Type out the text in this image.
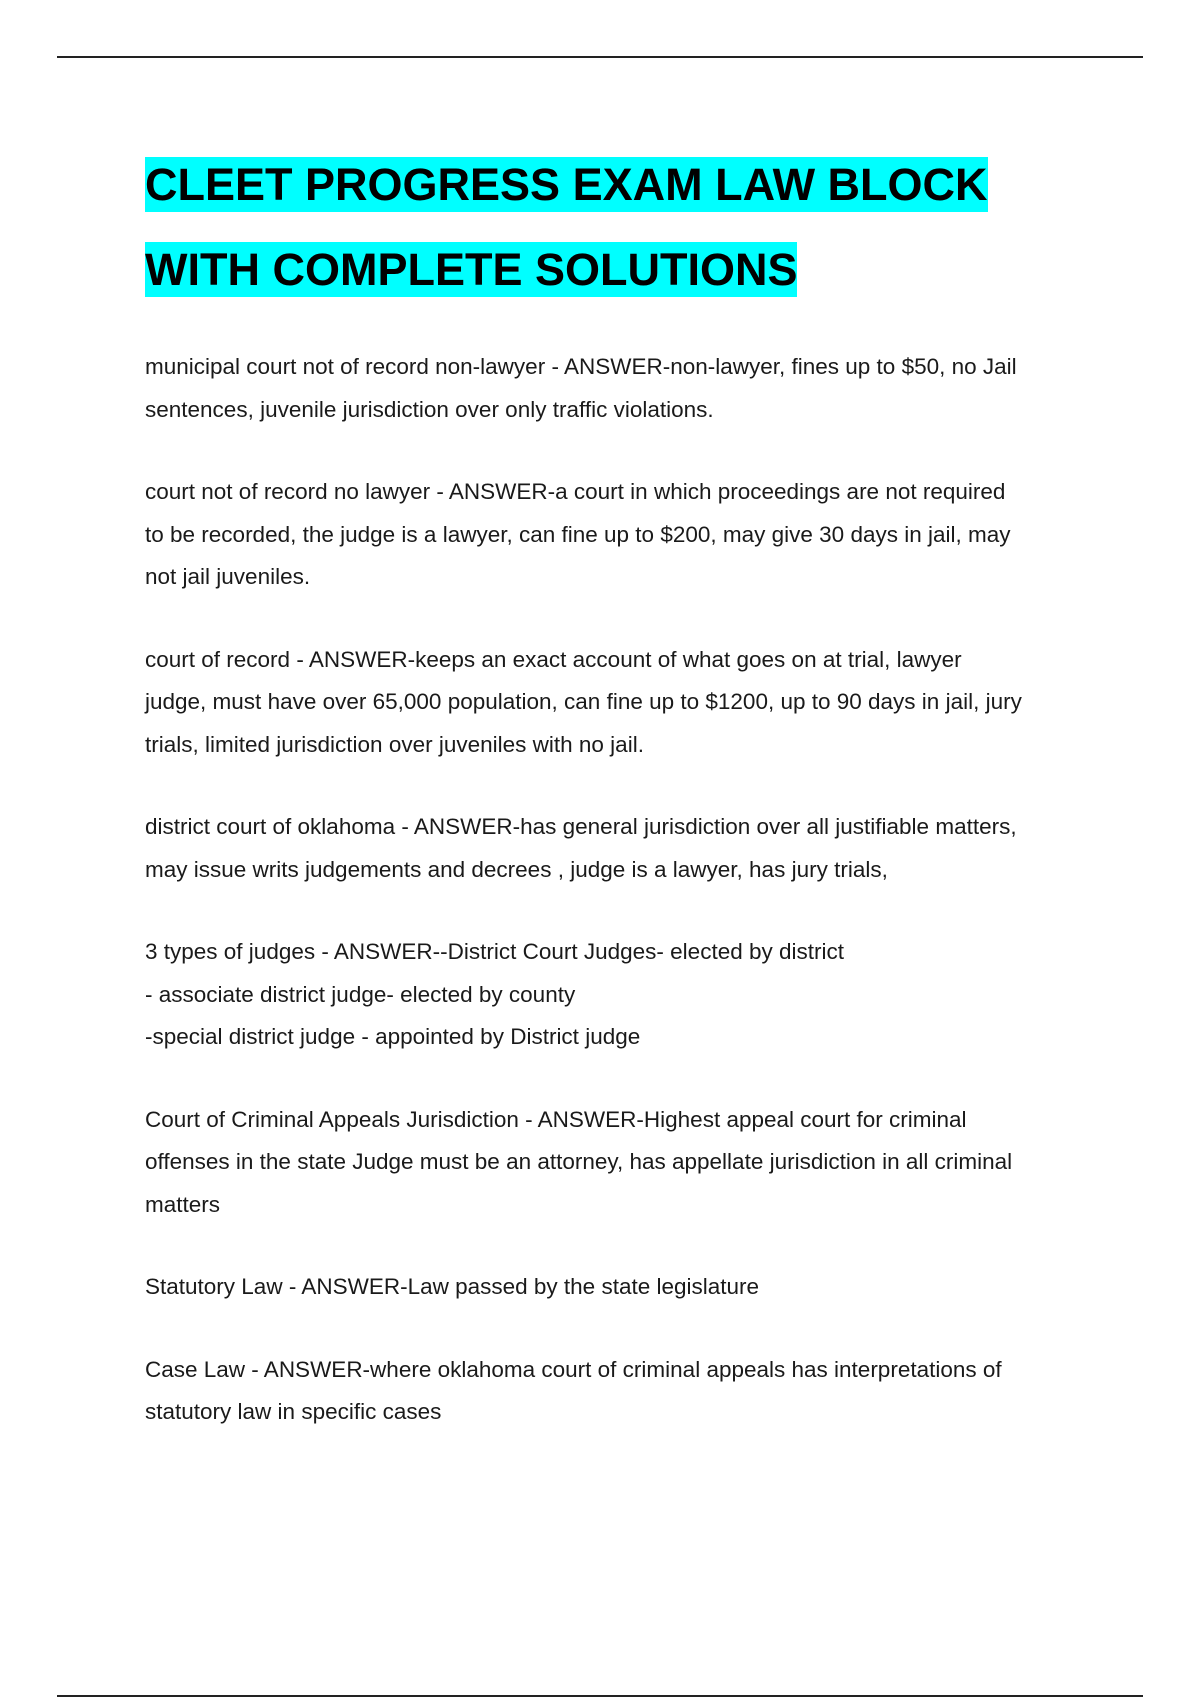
CLEET PROGRESS EXAM LAW BLOCK
WITH COMPLETE SOLUTIONS

municipal court not of record non-lawyer - ANSWER-non-lawyer, fines up to $50, no Jail
sentences, juvenile jurisdiction over only traffic violations.

court not of record no lawyer - ANSWER-a court in which proceedings are not required
to be recorded, the judge is a lawyer, can fine up to $200, may give 30 days in jail, may
not jail juveniles.

court of record - ANSWER-keeps an exact account of what goes on at trial, lawyer
judge, must have over 65,000 population, can fine up to $1200, up to 90 days in jail, jury
trials, limited jurisdiction over juveniles with no jail.

district court of oklahoma - ANSWER-has general jurisdiction over all justifiable matters,
may issue writs judgements and decrees , judge is a lawyer, has jury trials,

3 types of judges - ANSWER--District Court Judges- elected by district
- associate district judge- elected by county
-special district judge - appointed by District judge

Court of Criminal Appeals Jurisdiction - ANSWER-Highest appeal court for criminal
offenses in the state Judge must be an attorney, has appellate jurisdiction in all criminal
matters

Statutory Law - ANSWER-Law passed by the state legislature

Case Law - ANSWER-where oklahoma court of criminal appeals has interpretations of
statutory law in specific cases
